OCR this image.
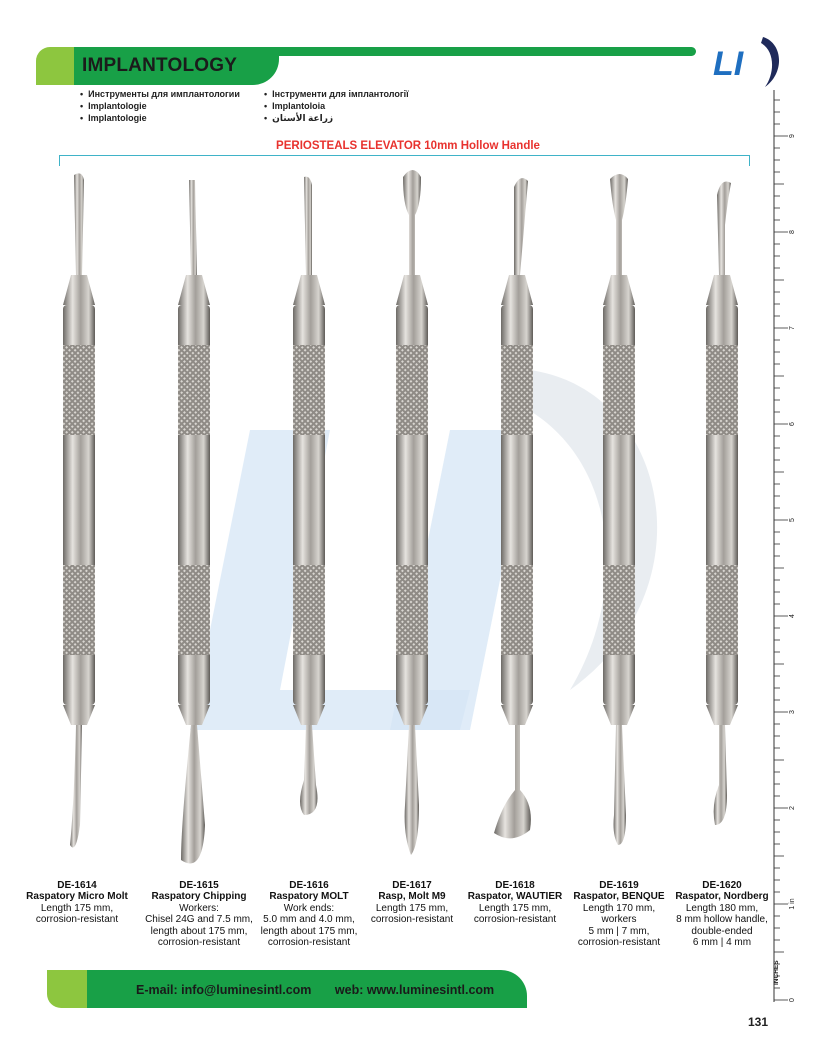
IMPLANTOLOGY	LI
• Инструменты для имплантологии
• Implantologie
• Implantologie
• Інструменти для імплантології
• Implantoloia
• زراعة الأسنان
PERIOSTEALS ELEVATOR 10mm Hollow Handle
DE-1614
Raspatory Micro Molt
Length 175 mm,
corrosion-resistant
DE-1615
Raspatory Chipping
Workers:
Chisel 24G and 7.5 mm,
length about 175 mm,
corrosion-resistant
DE-1616
Raspatory MOLT
Work ends:
5.0 mm and 4.0 mm,
length about 175 mm,
corrosion-resistant
DE-1617
Rasp, Molt M9
Length 175 mm,
corrosion-resistant
DE-1618
Raspator, WAUTIER
Length 175 mm,
corrosion-resistant
DE-1619
Raspator, BENQUE
Length 170 mm,
workers
5 mm | 7 mm,
corrosion-resistant
DE-1620
Raspator, Nordberg
Length 180 mm,
8 mm hollow handle,
double-ended
6 mm | 4 mm
9
8
7
6
5
4
3
2
1 in
0
INCHES
E-mail: info@luminesintl.com web: www.luminesintl.com
131
